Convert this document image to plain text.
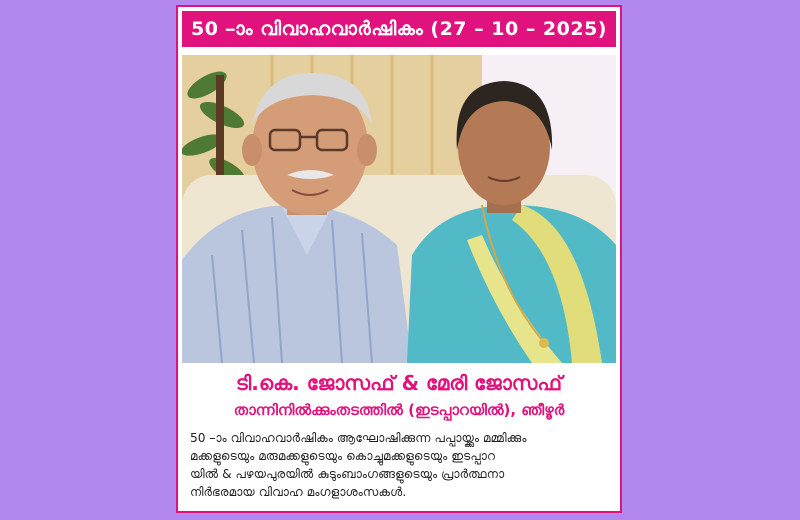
50 –ാം വിവാഹവാർഷികം (27 – 10 – 2025)
ടി.കെ. ജോസഫ് & മേരി ജോസഫ്
താന്നിനിൽക്കുംതടത്തിൽ (ഇടപ്പാറയിൽ), ഞീഴൂർ
50 –ാം വിവാഹവാർഷികം ആഘോഷിക്കുന്ന പപ്പായ്ക്കും മമ്മിക്കും
മക്കളുടെയും മരുമക്കളുടെയും കൊച്ചുമക്കളുടെയും ഇടപ്പാറ
യിൽ & പഴയപുരയിൽ കുടുംബാംഗങ്ങളുടെയും പ്രാർത്ഥനാ
നിർഭരമായ വിവാഹ മംഗളാശംസകൾ.
